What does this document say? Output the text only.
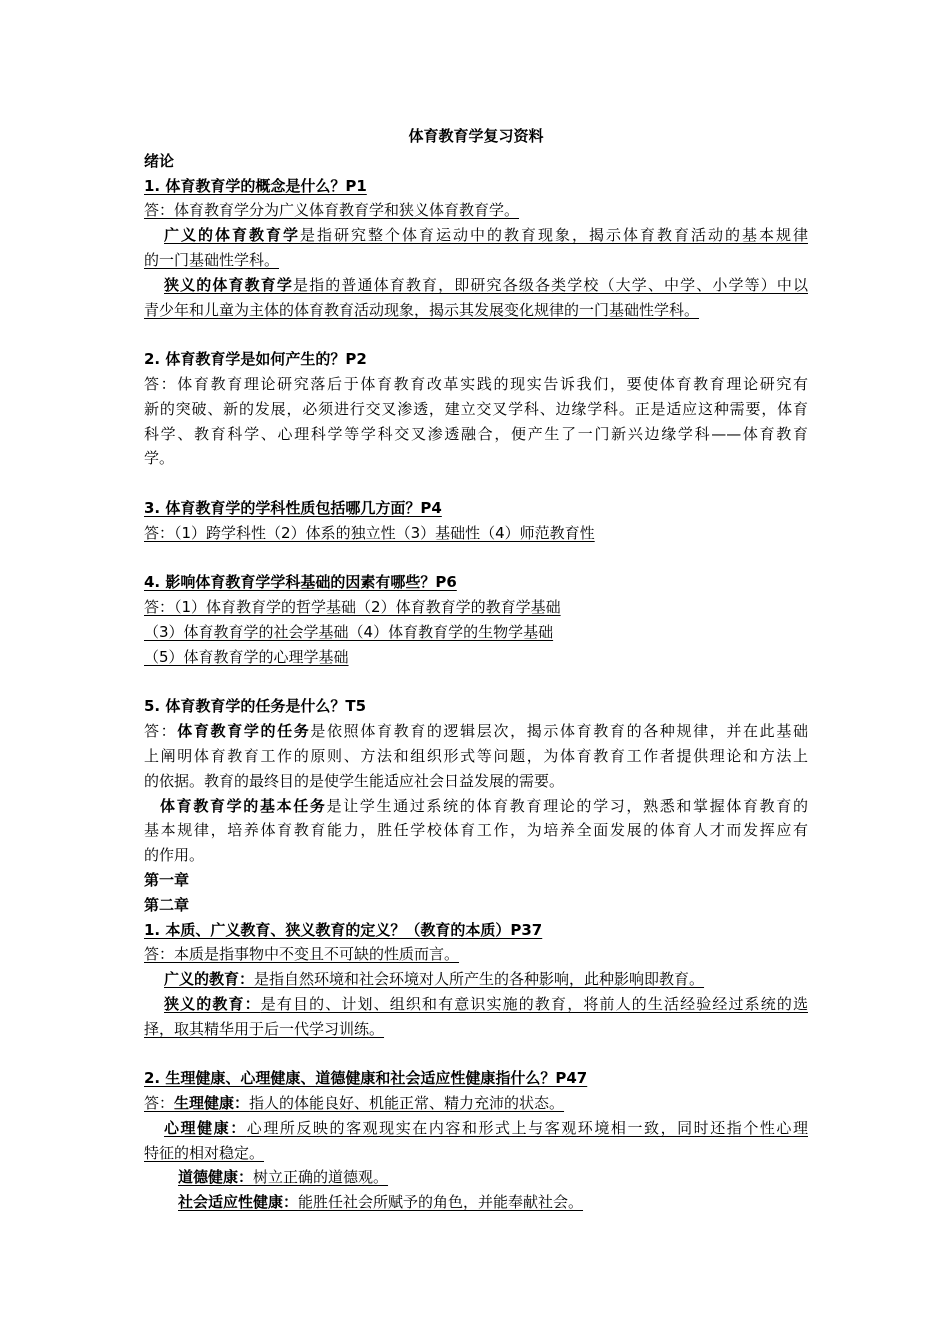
体育教育学复习资料
绪论
1. 体育教育学的概念是什么？P1
答：体育教育学分为广义体育教育学和狭义体育教育学。
广义的体育教育学是指研究整个体育运动中的教育现象，揭示体育教育活动的基本规律
的一门基础性学科。
狭义的体育教育学是指的普通体育教育，即研究各级各类学校（大学、中学、小学等）中以
青少年和儿童为主体的体育教育活动现象，揭示其发展变化规律的一门基础性学科。
2. 体育教育学是如何产生的？P2
答：体育教育理论研究落后于体育教育改革实践的现实告诉我们，要使体育教育理论研究有
新的突破、新的发展，必须进行交叉渗透，建立交叉学科、边缘学科。正是适应这种需要，体育
科学、教育科学、心理科学等学科交叉渗透融合，便产生了一门新兴边缘学科——体育教育
学。
3. 体育教育学的学科性质包括哪几方面？P4
答：（1）跨学科性（2）体系的独立性（3）基础性（4）师范教育性
4. 影响体育教育学学科基础的因素有哪些？P6
答：（1）体育教育学的哲学基础（2）体育教育学的教育学基础
（3）体育教育学的社会学基础（4）体育教育学的生物学基础
（5）体育教育学的心理学基础
5. 体育教育学的任务是什么？T5
答：体育教育学的任务是依照体育教育的逻辑层次，揭示体育教育的各种规律，并在此基础
上阐明体育教育工作的原则、方法和组织形式等问题，为体育教育工作者提供理论和方法上
的依据。教育的最终目的是使学生能适应社会日益发展的需要。
体育教育学的基本任务是让学生通过系统的体育教育理论的学习，熟悉和掌握体育教育的
基本规律，培养体育教育能力，胜任学校体育工作，为培养全面发展的体育人才而发挥应有
的作用。
第一章
第二章
1. 本质、广义教育、狭义教育的定义？（教育的本质）P37
答：本质是指事物中不变且不可缺的性质而言。
广义的教育：是指自然环境和社会环境对人所产生的各种影响，此种影响即教育。
狭义的教育：是有目的、计划、组织和有意识实施的教育，将前人的生活经验经过系统的选
择，取其精华用于后一代学习训练。
2. 生理健康、心理健康、道德健康和社会适应性健康指什么？P47
答：生理健康：指人的体能良好、机能正常、精力充沛的状态。
心理健康：心理所反映的客观现实在内容和形式上与客观环境相一致，同时还指个性心理
特征的相对稳定。
道德健康：树立正确的道德观。
社会适应性健康：能胜任社会所赋予的角色，并能奉献社会。
